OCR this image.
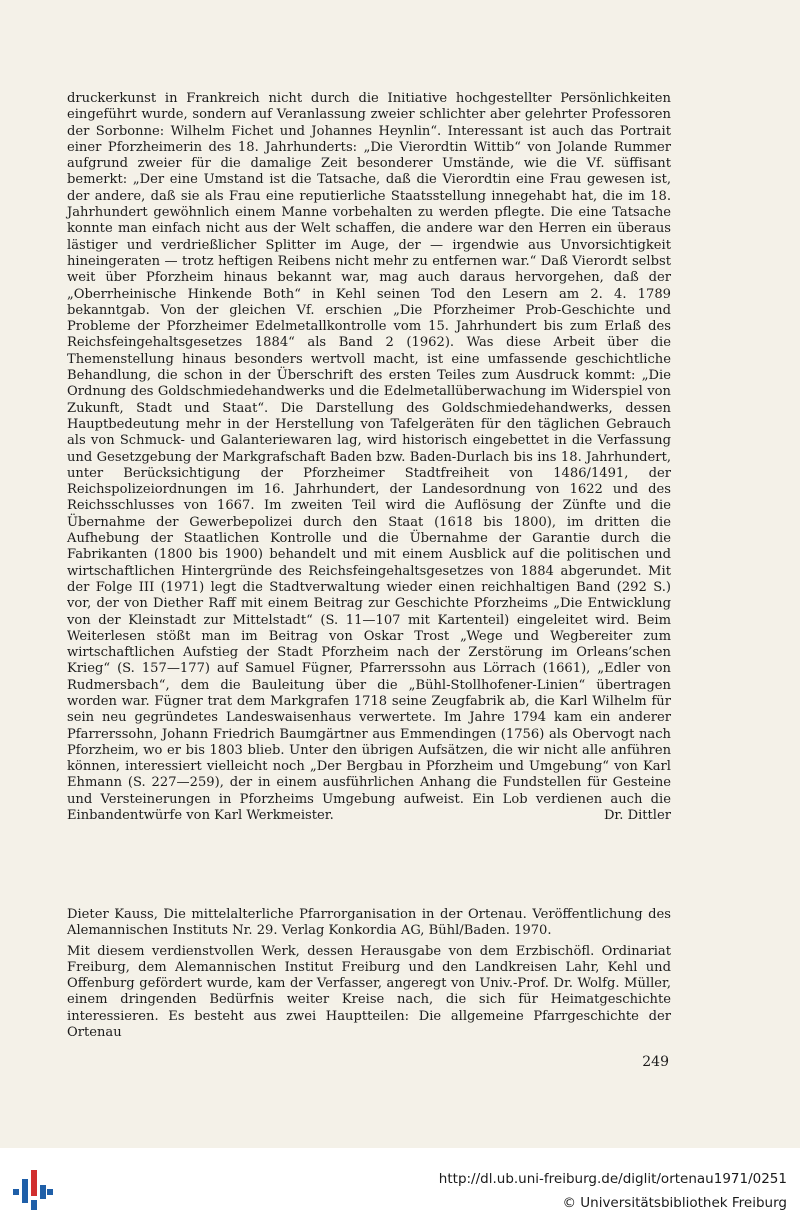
druckerkunst in Frankreich nicht durch die Initiative hochgestellter Persönlichkeiten eingeführt wurde, sondern auf Veranlassung zweier schlichter aber gelehrter Professoren der Sorbonne: Wilhelm Fichet und Johannes Heynlin“. Interessant ist auch das Portrait einer Pforzheimerin des 18. Jahrhunderts: „Die Vierordtin Wittib“ von Jolande Rummer aufgrund zweier für die damalige Zeit besonderer Umstände, wie die Vf. süffisant bemerkt: „Der eine Umstand ist die Tatsache, daß die Vierordtin eine Frau gewesen ist, der andere, daß sie als Frau eine reputierliche Staatsstellung innegehabt hat, die im 18. Jahrhundert gewöhnlich einem Manne vorbehalten zu werden pflegte. Die eine Tatsache konnte man einfach nicht aus der Welt schaffen, die andere war den Herren ein überaus lästiger und verdrießlicher Splitter im Auge, der — irgendwie aus Unvorsichtigkeit hineingeraten — trotz heftigen Reibens nicht mehr zu entfernen war.“ Daß Vierordt selbst weit über Pforzheim hinaus bekannt war, mag auch daraus hervorgehen, daß der „Oberrheinische Hinkende Both“ in Kehl seinen Tod den Lesern am 2. 4. 1789 bekanntgab. Von der gleichen Vf. erschien „Die Pforzheimer Prob-Geschichte und Probleme der Pforzheimer Edelmetallkontrolle vom 15. Jahrhundert bis zum Erlaß des Reichsfeingehaltsgesetzes 1884“ als Band 2 (1962). Was diese Arbeit über die Themenstellung hinaus besonders wertvoll macht, ist eine umfassende geschichtliche Behandlung, die schon in der Überschrift des ersten Teiles zum Ausdruck kommt: „Die Ordnung des Goldschmiedehandwerks und die Edelmetallüberwachung im Widerspiel von Zukunft, Stadt und Staat“. Die Darstellung des Goldschmiedehandwerks, dessen Hauptbedeutung mehr in der Herstellung von Tafelgeräten für den täglichen Gebrauch als von Schmuck- und Galanteriewaren lag, wird historisch eingebettet in die Verfassung und Gesetzgebung der Markgrafschaft Baden bzw. Baden-Durlach bis ins 18. Jahrhundert, unter Berücksichtigung der Pforzheimer Stadtfreiheit von 1486/1491, der Reichspolizeiordnungen im 16. Jahrhundert, der Landesordnung von 1622 und des Reichsschlusses von 1667. Im zweiten Teil wird die Auflösung der Zünfte und die Übernahme der Gewerbepolizei durch den Staat (1618 bis 1800), im dritten die Aufhebung der Staatlichen Kontrolle und die Übernahme der Garantie durch die Fabrikanten (1800 bis 1900) behandelt und mit einem Ausblick auf die politischen und wirtschaftlichen Hintergründe des Reichsfeingehaltsgesetzes von 1884 abgerundet. Mit der Folge III (1971) legt die Stadtverwaltung wieder einen reichhaltigen Band (292 S.) vor, der von Diether Raff mit einem Beitrag zur Geschichte Pforzheims „Die Entwicklung von der Kleinstadt zur Mittelstadt“ (S. 11—107 mit Kartenteil) eingeleitet wird. Beim Weiterlesen stößt man im Beitrag von Oskar Trost „Wege und Wegbereiter zum wirtschaftlichen Aufstieg der Stadt Pforzheim nach der Zerstörung im Orleans’schen Krieg“ (S. 157—177) auf Samuel Fügner, Pfarrerssohn aus Lörrach (1661), „Edler von Rudmersbach“, dem die Bauleitung über die „Bühl-Stollhofener-Linien“ übertragen worden war. Fügner trat dem Markgrafen 1718 seine Zeugfabrik ab, die Karl Wilhelm für sein neu gegründetes Landeswaisenhaus verwertete. Im Jahre 1794 kam ein anderer Pfarrerssohn, Johann Friedrich Baumgärtner aus Emmendingen (1756) als Obervogt nach Pforzheim, wo er bis 1803 blieb. Unter den übrigen Aufsätzen, die wir nicht alle anführen können, interessiert vielleicht noch „Der Bergbau in Pforzheim und Umgebung“ von Karl Ehmann (S. 227—259), der in einem ausführlichen Anhang die Fundstellen für Gesteine und Versteinerungen in Pforzheims Umgebung aufweist. Ein Lob verdienen auch die Einbandentwürfe von Karl Werkmeister.	Dr. Dittler

Dieter Kauss, Die mittelalterliche Pfarrorganisation in der Ortenau. Veröffentlichung des Alemannischen Instituts Nr. 29. Verlag Konkordia AG, Bühl/Baden. 1970.

Mit diesem verdienstvollen Werk, dessen Herausgabe von dem Erzbischöfl. Ordinariat Freiburg, dem Alemannischen Institut Freiburg und den Landkreisen Lahr, Kehl und Offenburg gefördert wurde, kam der Verfasser, angeregt von Univ.-Prof. Dr. Wolfg. Müller, einem dringenden Bedürfnis weiter Kreise nach, die sich für Heimatgeschichte interessieren. Es besteht aus zwei Hauptteilen: Die allgemeine Pfarrgeschichte der Ortenau

249
http://dl.ub.uni-freiburg.de/diglit/ortenau1971/0251
© Universitätsbibliothek Freiburg
